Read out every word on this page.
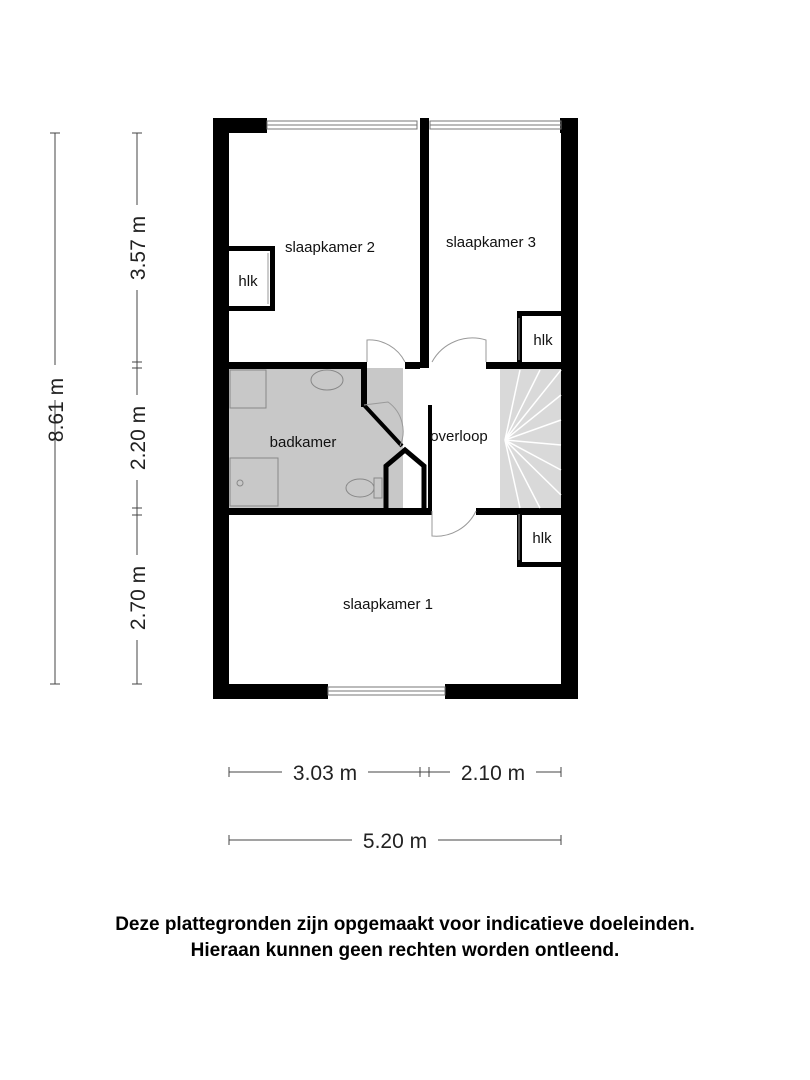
slaapkamer 2	slaapkamer 3
hlk
hlk
badkamer	overloop
hlk
slaapkamer 1
8.61 m
3.57 m
2.20 m
2.70 m
3.03 m	2.10 m
5.20 m
Deze plattegronden zijn opgemaakt voor indicatieve doeleinden.
Hieraan kunnen geen rechten worden ontleend.
